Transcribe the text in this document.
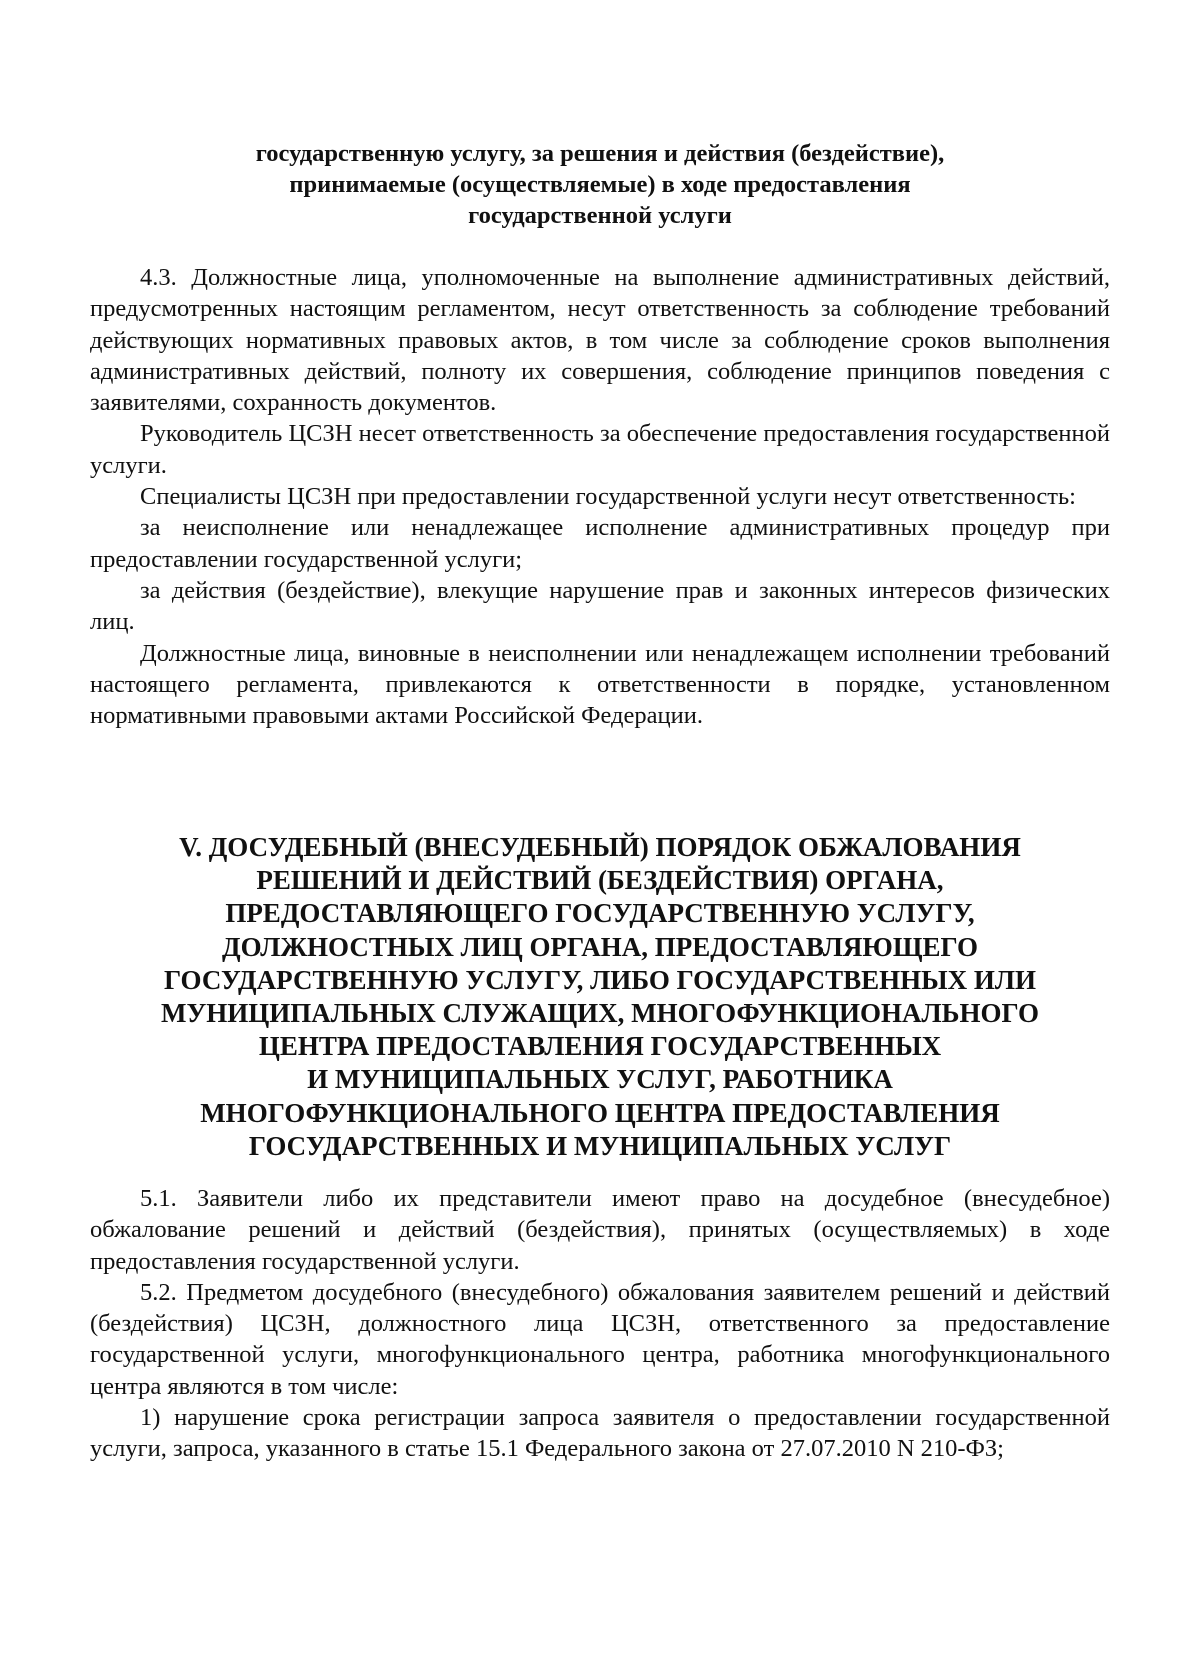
государственную услугу, за решения и действия (бездействие),
принимаемые (осуществляемые) в ходе предоставления
государственной услуги

4.3. Должностные лица, уполномоченные на выполнение административных действий, предусмотренных настоящим регламентом, несут ответственность за соблюдение требований действующих нормативных правовых актов, в том числе за соблюдение сроков выполнения административных действий, полноту их совершения, соблюдение принципов поведения с заявителями, сохранность документов.

Руководитель ЦСЗН несет ответственность за обеспечение предоставления государственной услуги.

Специалисты ЦСЗН при предоставлении государственной услуги несут ответственность:

за неисполнение или ненадлежащее исполнение административных процедур при предоставлении государственной услуги;

за действия (бездействие), влекущие нарушение прав и законных интересов физических лиц.

Должностные лица, виновные в неисполнении или ненадлежащем исполнении требований настоящего регламента, привлекаются к ответственности в порядке, установленном нормативными правовыми актами Российской Федерации.

V. ДОСУДЕБНЫЙ (ВНЕСУДЕБНЫЙ) ПОРЯДОК ОБЖАЛОВАНИЯ
РЕШЕНИЙ И ДЕЙСТВИЙ (БЕЗДЕЙСТВИЯ) ОРГАНА,
ПРЕДОСТАВЛЯЮЩЕГО ГОСУДАРСТВЕННУЮ УСЛУГУ,
ДОЛЖНОСТНЫХ ЛИЦ ОРГАНА, ПРЕДОСТАВЛЯЮЩЕГО
ГОСУДАРСТВЕННУЮ УСЛУГУ, ЛИБО ГОСУДАРСТВЕННЫХ ИЛИ
МУНИЦИПАЛЬНЫХ СЛУЖАЩИХ, МНОГОФУНКЦИОНАЛЬНОГО
ЦЕНТРА ПРЕДОСТАВЛЕНИЯ ГОСУДАРСТВЕННЫХ
И МУНИЦИПАЛЬНЫХ УСЛУГ, РАБОТНИКА
МНОГОФУНКЦИОНАЛЬНОГО ЦЕНТРА ПРЕДОСТАВЛЕНИЯ
ГОСУДАРСТВЕННЫХ И МУНИЦИПАЛЬНЫХ УСЛУГ

5.1. Заявители либо их представители имеют право на досудебное (внесудебное) обжалование решений и действий (бездействия), принятых (осуществляемых) в ходе предоставления государственной услуги.

5.2. Предметом досудебного (внесудебного) обжалования заявителем решений и действий (бездействия) ЦСЗН, должностного лица ЦСЗН, ответственного за предоставление государственной услуги, многофункционального центра, работника многофункционального центра являются в том числе:

1) нарушение срока регистрации запроса заявителя о предоставлении государственной услуги, запроса, указанного в статье 15.1 Федерального закона от 27.07.2010 N 210-ФЗ;
